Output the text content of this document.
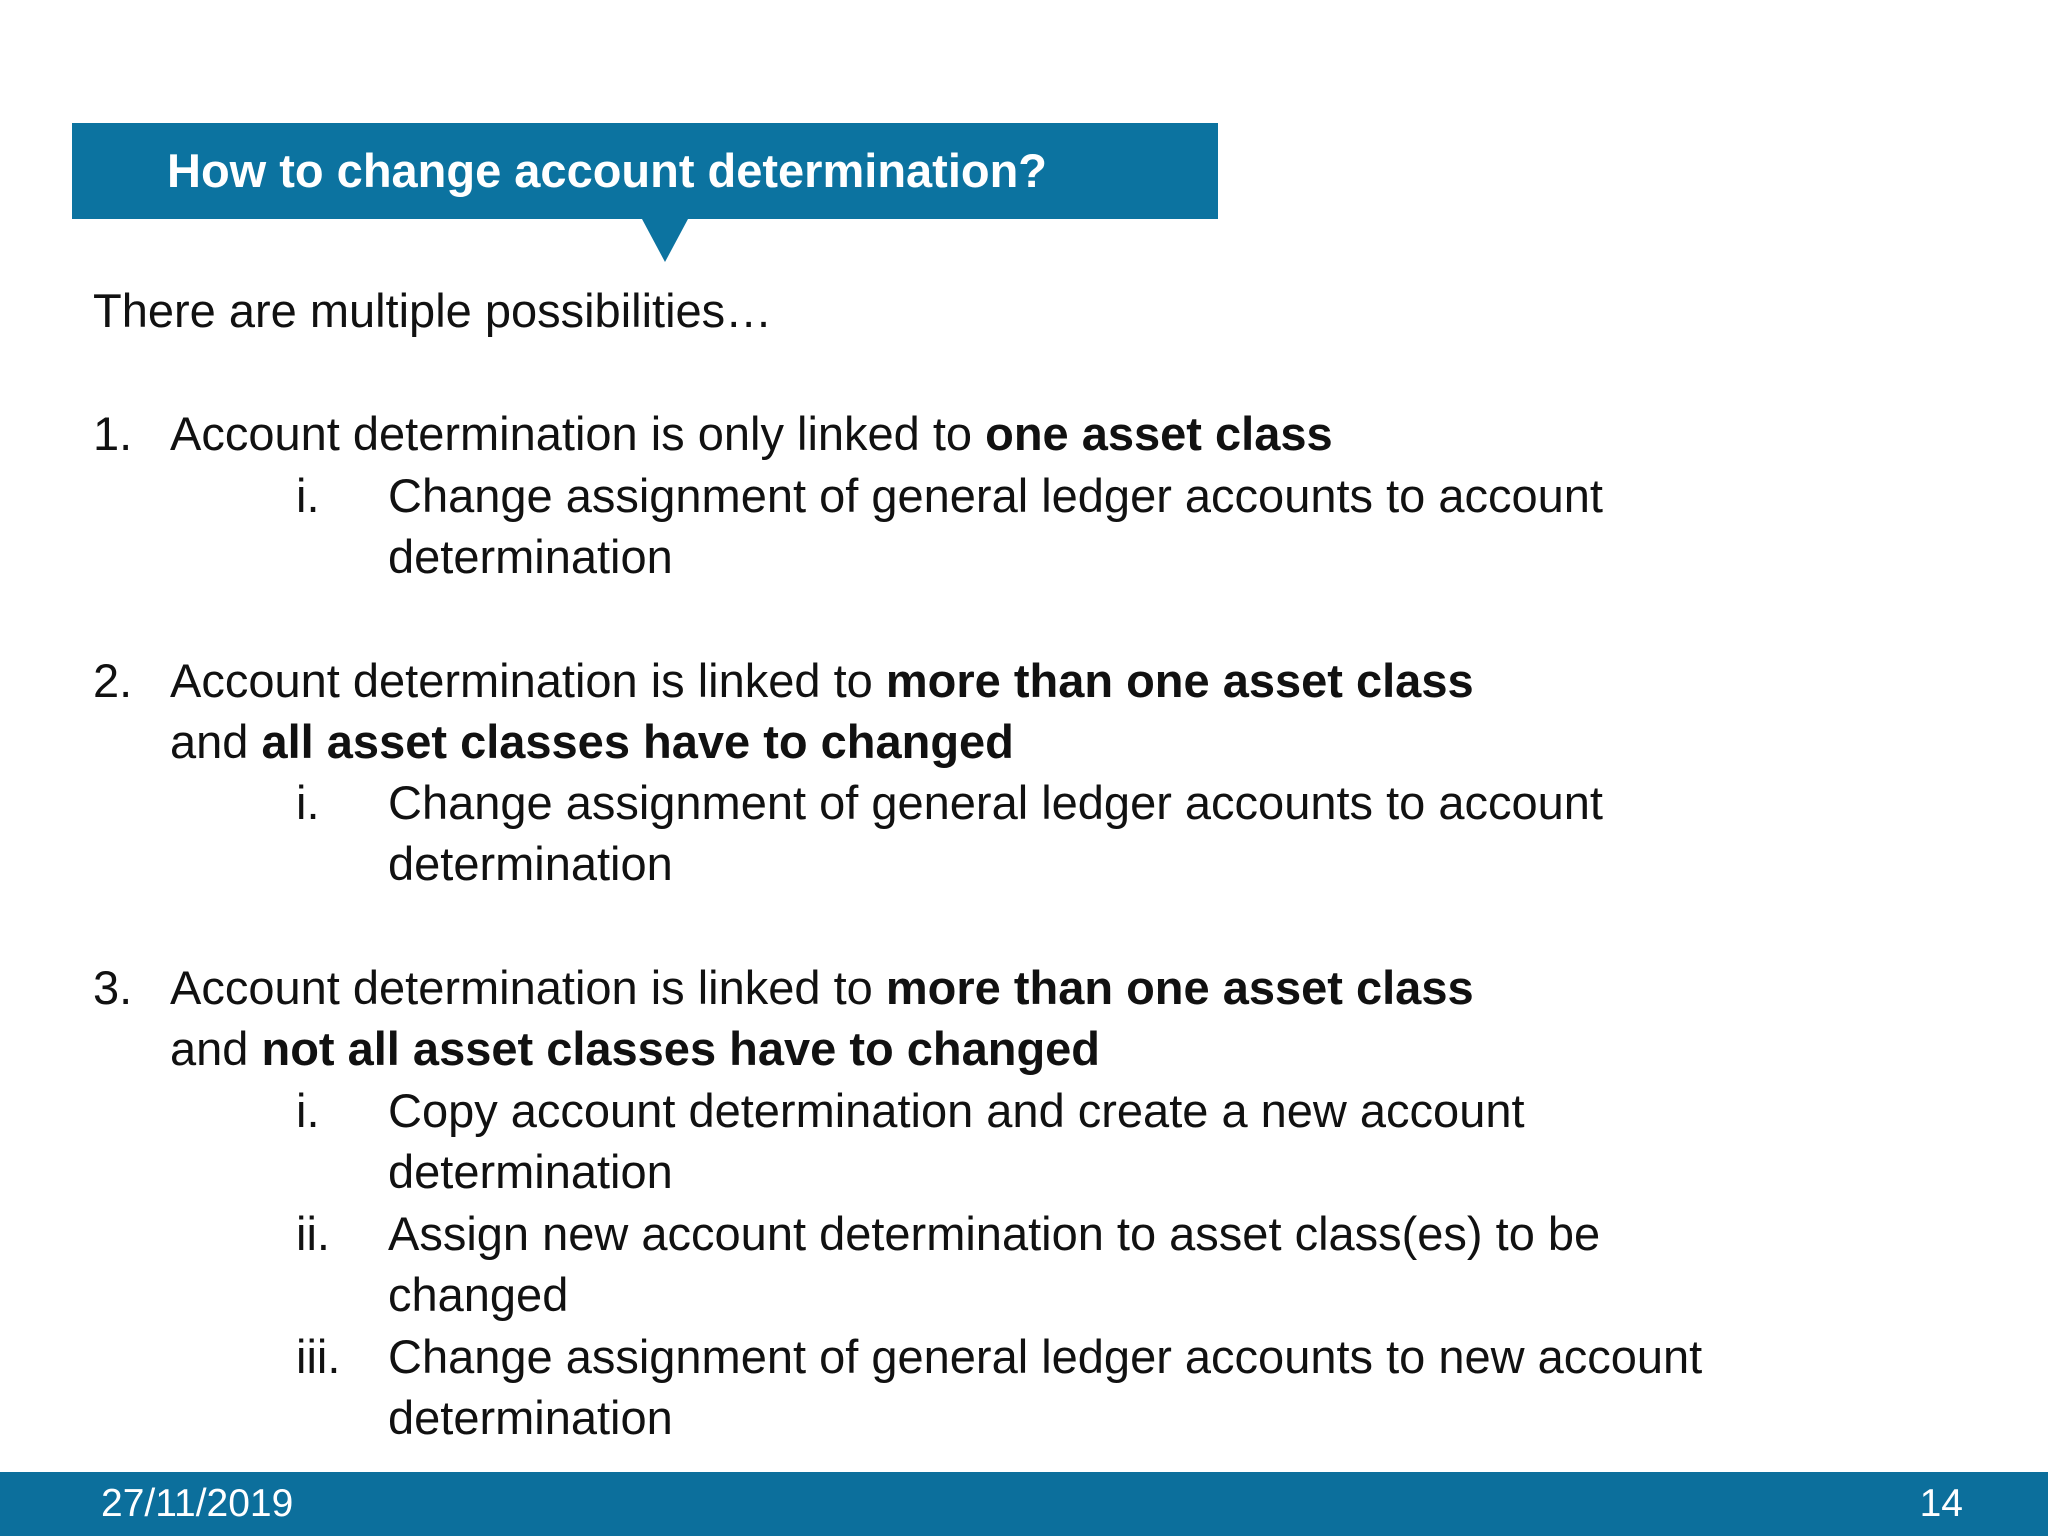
How to change account determination?
There are multiple possibilities…
1. Account determination is only linked to one asset class
i. Change assignment of general ledger accounts to account
determination
2. Account determination is linked to more than one asset class
and all asset classes have to changed
i. Change assignment of general ledger accounts to account
determination
3. Account determination is linked to more than one asset class
and not all asset classes have to changed
i. Copy account determination and create a new account
determination
ii. Assign new account determination to asset class(es) to be
changed
iii. Change assignment of general ledger accounts to new account
determination
27/11/2019	14
